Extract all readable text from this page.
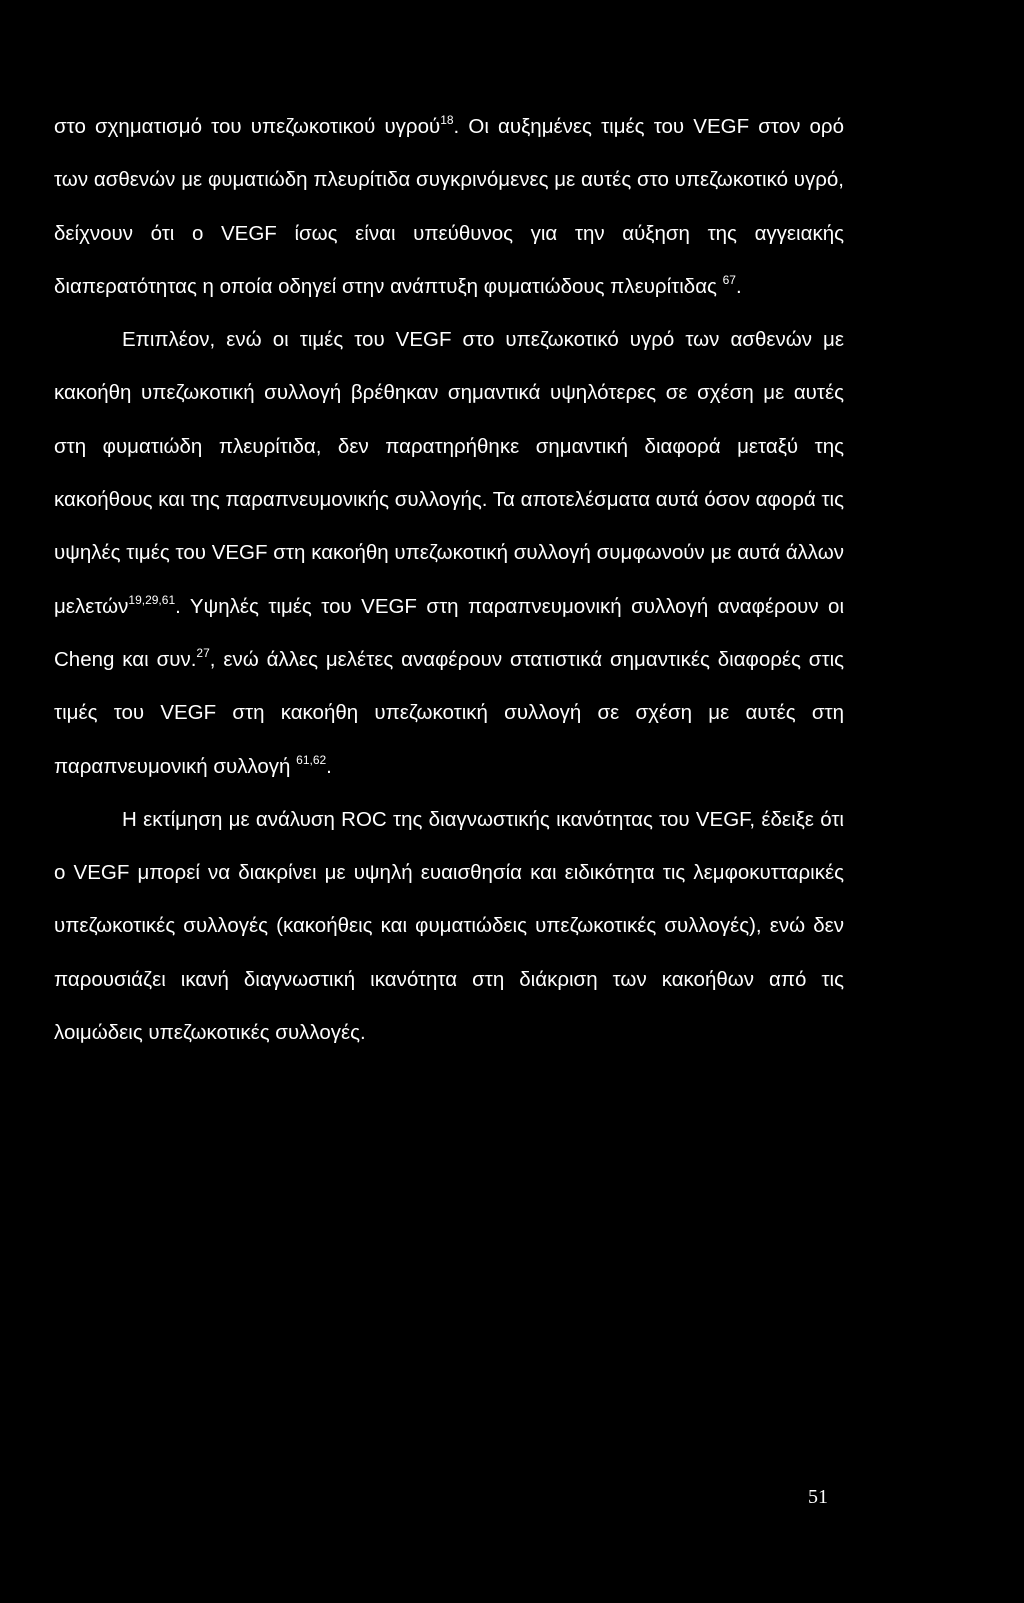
στο σχηματισμό του υπεζωκοτικού υγρού$^{18}$. Οι αυξημένες τιμές του VEGF στον ορό των ασθενών με φυματιώδη πλευρίτιδα συγκρινόμενες με αυτές στο υπεζωκοτικό υγρό, δείχνουν ότι ο VEGF ίσως είναι υπεύθυνος για την αύξηση της αγγειακής διαπερατότητας η οποία οδηγεί στην ανάπτυξη φυματιώδους πλευρίτιδας $^{67}$.

Επιπλέον, ενώ οι τιμές του VEGF στο υπεζωκοτικό υγρό των ασθενών με κακοήθη υπεζωκοτική συλλογή βρέθηκαν σημαντικά υψηλότερες σε σχέση με αυτές στη φυματιώδη πλευρίτιδα, δεν παρατηρήθηκε σημαντική διαφορά μεταξύ της κακοήθους και της παραπνευμονικής συλλογής. Τα αποτελέσματα αυτά όσον αφορά τις υψηλές τιμές του VEGF στη κακοήθη υπεζωκοτική συλλογή συμφωνούν με αυτά άλλων μελετών$^{19,29,61}$. Υψηλές τιμές του VEGF στη παραπνευμονική συλλογή αναφέρουν οι Cheng και συν.$^{27}$, ενώ άλλες μελέτες αναφέρουν στατιστικά σημαντικές διαφορές στις τιμές του VEGF στη κακοήθη υπεζωκοτική συλλογή σε σχέση με αυτές στη παραπνευμονική συλλογή $^{61,62}$.

Η εκτίμηση με ανάλυση ROC της διαγνωστικής ικανότητας του VEGF, έδειξε ότι ο VEGF μπορεί να διακρίνει με υψηλή ευαισθησία και ειδικότητα τις λεμφοκυτταρικές υπεζωκοτικές συλλογές (κακοήθεις και φυματιώδεις υπεζωκοτικές συλλογές), ενώ δεν παρουσιάζει ικανή διαγνωστική ικανότητα στη διάκριση των κακοήθων από τις λοιμώδεις υπεζωκοτικές συλλογές.

51
